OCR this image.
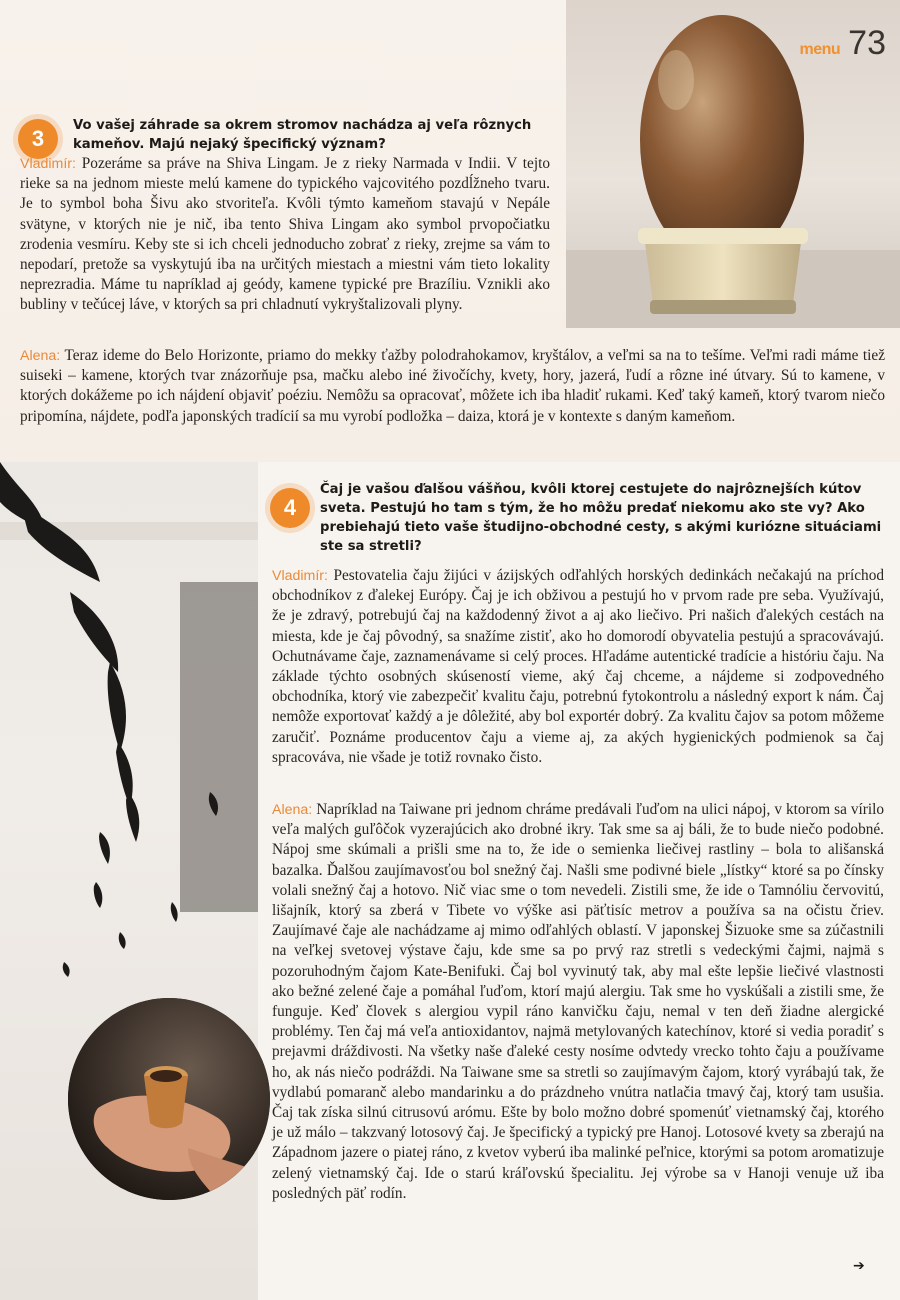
menu 73
3

Vo vašej záhrade sa okrem stromov nachádza aj veľa rôznych kameňov. Majú nejaký špecifický význam?

Vladimír: Pozeráme sa práve na Shiva Lingam. Je z rieky Narmada v Indii. V tejto rieke sa na jednom mieste melú kamene do typického vajcovitého pozdĺžneho tvaru. Je to symbol boha Šivu ako stvoriteľa. Kvôli týmto kameňom stavajú v Nepále svätyne, v ktorých nie je nič, iba tento Shiva Lingam ako symbol prvopočiatku zrodenia vesmíru. Keby ste si ich chceli jednoducho zobrať z rieky, zrejme sa vám to nepodarí, pretože sa vyskytujú iba na určitých miestach a miestni vám tieto lokality neprezradia. Máme tu napríklad aj geódy, kamene typické pre Brazíliu. Vznikli ako bubliny v tečúcej láve, v ktorých sa pri chladnutí vykryštalizovali plyny.

Alena: Teraz ideme do Belo Horizonte, priamo do mekky ťažby polodrahokamov, kryštálov, a veľmi sa na to tešíme. Veľmi radi máme tiež suiseki – kamene, ktorých tvar znázorňuje psa, mačku alebo iné živočíchy, kvety, hory, jazerá, ľudí a rôzne iné útvary. Sú to kamene, v ktorých dokážeme po ich nájdení objaviť poéziu. Nemôžu sa opracovať, môžete ich iba hladiť rukami. Keď taký kameň, ktorý tvarom niečo pripomína, nájdete, podľa japonských tradícií sa mu vyrobí podložka – daiza, ktorá je v kontexte s daným kameňom.

4

Čaj je vašou ďalšou vášňou, kvôli ktorej cestujete do najrôznejších kútov sveta. Pestujú ho tam s tým, že ho môžu predať niekomu ako ste vy? Ako prebiehajú tieto vaše študijno-obchodné cesty, s akými kuriózne situáciami ste sa stretli?

Vladimír: Pestovatelia čaju žijúci v ázijských odľahlých horských dedinkách nečakajú na príchod obchodníkov z ďalekej Európy. Čaj je ich obživou a pestujú ho v prvom rade pre seba. Využívajú, že je zdravý, potrebujú čaj na každodenný život a aj ako liečivo. Pri našich ďalekých cestách na miesta, kde je čaj pôvodný, sa snažíme zistiť, ako ho domorodí obyvatelia pestujú a spracovávajú. Ochutnávame čaje, zaznamenávame si celý proces. Hľadáme autentické tradície a históriu čaju. Na základe týchto osobných skúseností vieme, aký čaj chceme, a nájdeme si zodpovedného obchodníka, ktorý vie zabezpečiť kvalitu čaju, potrebnú fytokontrolu a následný export k nám. Čaj nemôže exportovať každý a je dôležité, aby bol exportér dobrý. Za kvalitu čajov sa potom môžeme zaručiť. Poznáme producentov čaju a vieme aj, za akých hygienických podmienok sa čaj spracováva, nie všade je totiž rovnako čisto.

Alena: Napríklad na Taiwane pri jednom chráme predávali ľuďom na ulici nápoj, v ktorom sa vírilo veľa malých guľôčok vyzerajúcich ako drobné ikry. Tak sme sa aj báli, že to bude niečo podobné. Nápoj sme skúmali a prišli sme na to, že ide o semienka liečivej rastliny – bola to ališanská bazalka. Ďalšou zaujímavosťou bol snežný čaj. Našli sme podivné biele „lístky“ ktoré sa po čínsky volali snežný čaj a hotovo. Nič viac sme o tom nevedeli. Zistili sme, že ide o Tamnóliu červovitú, lišajník, ktorý sa zberá v Tibete vo výške asi päťtisíc metrov a používa sa na očistu čriev. Zaujímavé čaje ale nachádzame aj mimo odľahlých oblastí. V japonskej Šizuoke sme sa zúčastnili na veľkej svetovej výstave čaju, kde sme sa po prvý raz stretli s vedeckými čajmi, najmä s pozoruhodným čajom Kate-Benifuki. Čaj bol vyvinutý tak, aby mal ešte lepšie liečivé vlastnosti ako bežné zelené čaje a pomáhal ľuďom, ktorí majú alergiu. Tak sme ho vyskúšali a zistili sme, že funguje. Keď človek s alergiou vypil ráno kanvičku čaju, nemal v ten deň žiadne alergické problémy. Ten čaj má veľa antioxidantov, najmä metylovaných katechínov, ktoré si vedia poradiť s prejavmi dráždivosti. Na všetky naše ďaleké cesty nosíme odvtedy vrecko tohto čaju a používame ho, ak nás niečo podráždi. Na Taiwane sme sa stretli so zaujímavým čajom, ktorý vyrábajú tak, že vydlabú pomaranč alebo mandarinku a do prázdneho vnútra natlačia tmavý čaj, ktorý tam usušia. Čaj tak získa silnú citrusovú arómu. Ešte by bolo možno dobré spomenúť vietnamský čaj, ktorého je už málo – takzvaný lotosový čaj. Je špecifický a typický pre Hanoj. Lotosové kvety sa zberajú na Západnom jazere o piatej ráno, z kvetov vyberú iba malinké peľnice, ktorými sa potom aromatizuje zelený vietnamský čaj. Ide o starú kráľovskú špecialitu. Jej výrobe sa v Hanoji venuje už iba posledných päť rodín.

➔
